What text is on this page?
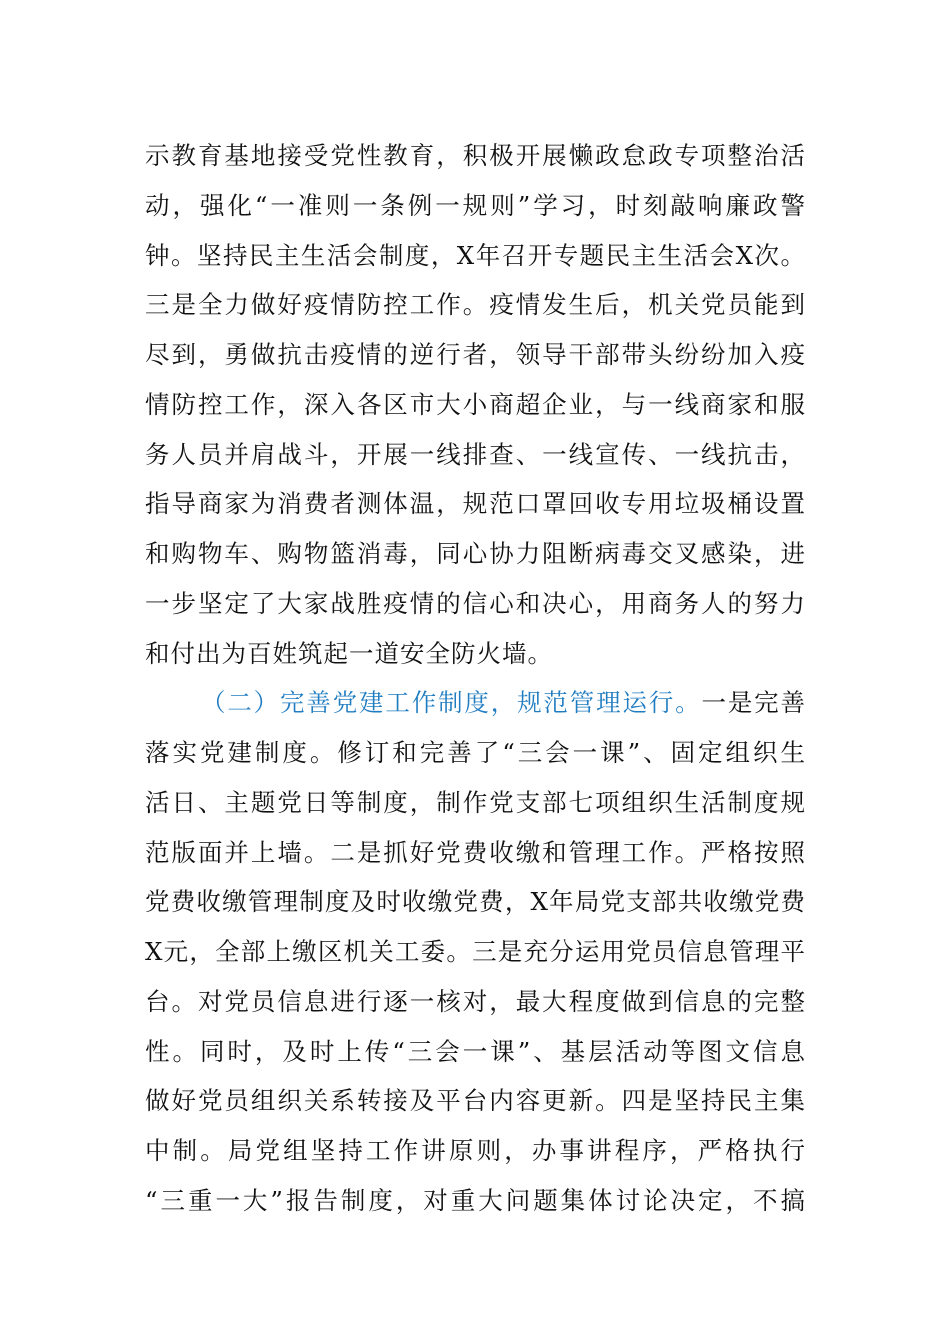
示教育基地接受党性教育，积极开展懒政怠政专项整治活
动，强化“一准则一条例一规则”学习，时刻敲响廉政警
钟。坚持民主生活会制度，X年召开专题民主生活会X次。
三是全力做好疫情防控工作。疫情发生后，机关党员能到
尽到，勇做抗击疫情的逆行者，领导干部带头纷纷加入疫
情防控工作，深入各区市大小商超企业，与一线商家和服
务人员并肩战斗，开展一线排查、一线宣传、一线抗击，
指导商家为消费者测体温，规范口罩回收专用垃圾桶设置
和购物车、购物篮消毒，同心协力阻断病毒交叉感染，进
一步坚定了大家战胜疫情的信心和决心，用商务人的努力
和付出为百姓筑起一道安全防火墙。
（二）完善党建工作制度，规范管理运行。一是完善
落实党建制度。修订和完善了“三会一课”、固定组织生
活日、主题党日等制度，制作党支部七项组织生活制度规
范版面并上墙。二是抓好党费收缴和管理工作。严格按照
党费收缴管理制度及时收缴党费，X年局党支部共收缴党费
X元，全部上缴区机关工委。三是充分运用党员信息管理平
台。对党员信息进行逐一核对，最大程度做到信息的完整
性。同时，及时上传“三会一课”、基层活动等图文信息
做好党员组织关系转接及平台内容更新。四是坚持民主集
中制。局党组坚持工作讲原则，办事讲程序，严格执行
“三重一大”报告制度，对重大问题集体讨论决定，不搞
